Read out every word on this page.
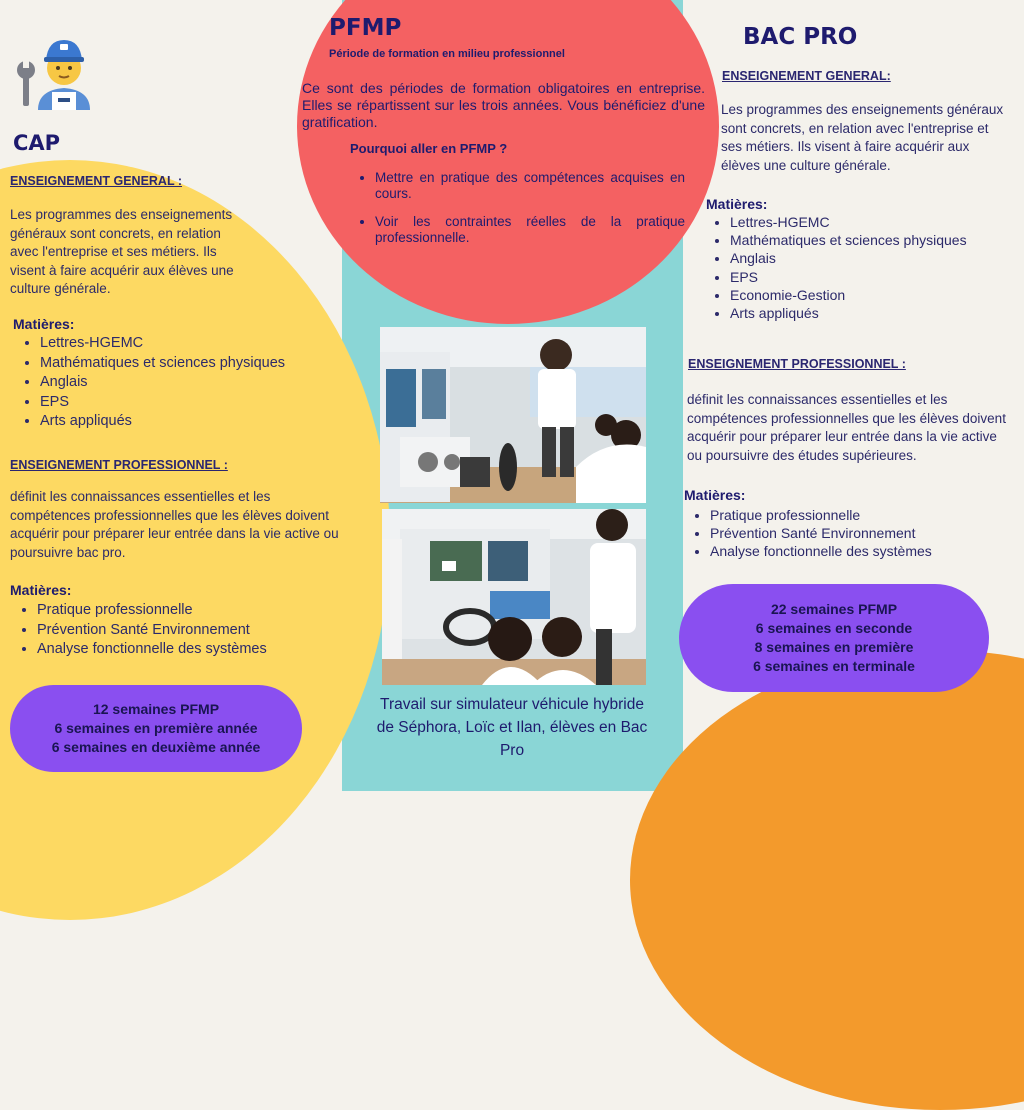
CAP
ENSEIGNEMENT GENERAL :
Les programmes des enseignements généraux sont concrets, en relation avec l'entreprise et ses métiers. Ils visent à faire acquérir aux élèves une culture générale.
Matières:
• Lettres-HGEMC
• Mathématiques et sciences physiques
• Anglais
• EPS
• Arts appliqués
ENSEIGNEMENT PROFESSIONNEL :
définit les connaissances essentielles et les compétences professionnelles que les élèves doivent acquérir pour préparer leur entrée dans la vie active ou poursuivre bac pro.
Matières:
• Pratique professionnelle
• Prévention Santé Environnement
• Analyse fonctionnelle des systèmes
12 semaines PFMP
6 semaines en première année
6 semaines en deuxième année
PFMP
Période de formation en milieu professionnel
Ce sont des périodes de formation obligatoires en entreprise. Elles se répartissent sur les trois années. Vous bénéficiez d'une gratification.
Pourquoi aller en PFMP ?
• Mettre en pratique des compétences acquises en cours.
• Voir les contraintes réelles de la pratique professionnelle.
Travail sur simulateur véhicule hybride de Séphora, Loïc et Ilan, élèves en Bac Pro
BAC PRO
ENSEIGNEMENT GENERAL:
Les programmes des enseignements généraux sont concrets, en relation avec l'entreprise et ses métiers. Ils visent à faire acquérir aux élèves une culture générale.
Matières:
• Lettres-HGEMC
• Mathématiques et sciences physiques
• Anglais
• EPS
• Economie-Gestion
• Arts appliqués
ENSEIGNEMENT PROFESSIONNEL :
définit les connaissances essentielles et les compétences professionnelles que les élèves doivent acquérir pour préparer leur entrée dans la vie active ou poursuivre des études supérieures.
Matières:
• Pratique professionnelle
• Prévention Santé Environnement
• Analyse fonctionnelle des systèmes
22 semaines PFMP
6 semaines en seconde
8 semaines en première
6 semaines en terminale
